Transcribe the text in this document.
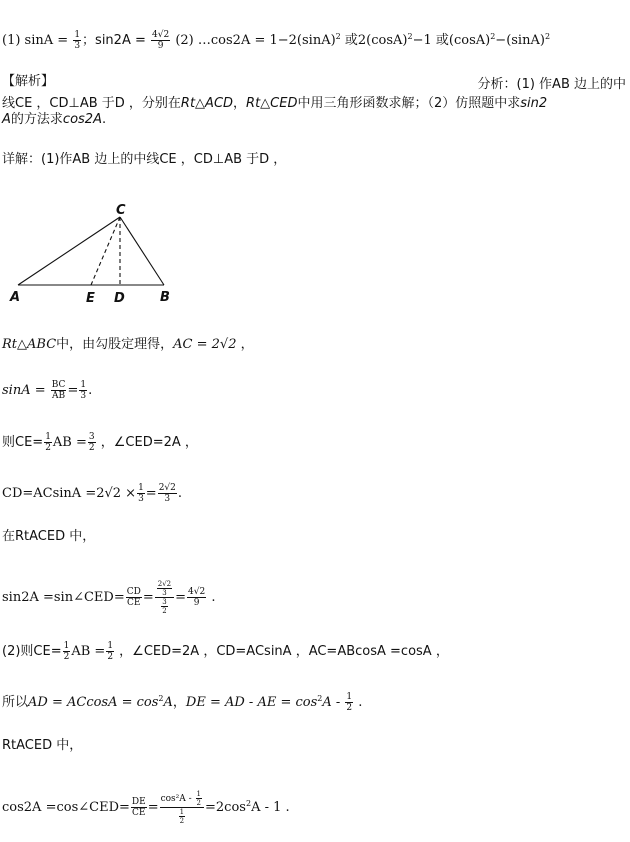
(1) $\sin A = \frac{1}{3}$ ；$\sin 2A = \frac{4√2}{9} (2)$ …cos2A = $1-2(\sin A)^2$ 或$2(\cos A)^2-1$ 或$(\cos A)^2-(\sin A)^2$
【解析】	分析：(1) 作AB 边上的中
线CE ，CD⊥AB 于D ，分别在Rt△ACD，Rt△CED中用三角形函数求解；（2）仿照题中求sin2
A的方法求cos2A.
详解：(1)作AB 边上的中线CE ，CD⊥AB 于D ，
C
A	E D	B
Rt△ABC中，由勾股定理得，AC = 2√2 ，
$\sin A = \frac{BC}{AB} = \frac{1}{3}$ .
则$CE= \frac{1}{2}$ AB = $\frac{3}{2}$ ，∠CED=2A ，
$CD=ACsinA =2√2 \times \frac{1}{3} = \frac{2√2}{3}$ .
在RtACED 中，
sin2A =sin∠CED= $\frac{CD}{CE} = \frac{\frac{2√2}{3}}{\frac{3}{2}} = \frac{4√2}{9}$ .
(2)则$CE= \frac{1}{2}$ AB = $\frac{1}{2}$ ，∠CED=2A ，CD=ACsinA ，AC=ABcosA =cosA ，
所以AD = $ACcosA = \cos^2A$，DE = AD - AE = $\cos^2A - \frac{1}{2}$ .
RtACED 中，
cos2A =cos∠CED= $\frac{DE}{CE} = \frac{\cos^2A - \frac{1}{2}}{\frac{1}{2}} =2\cos^2A - 1$ .
